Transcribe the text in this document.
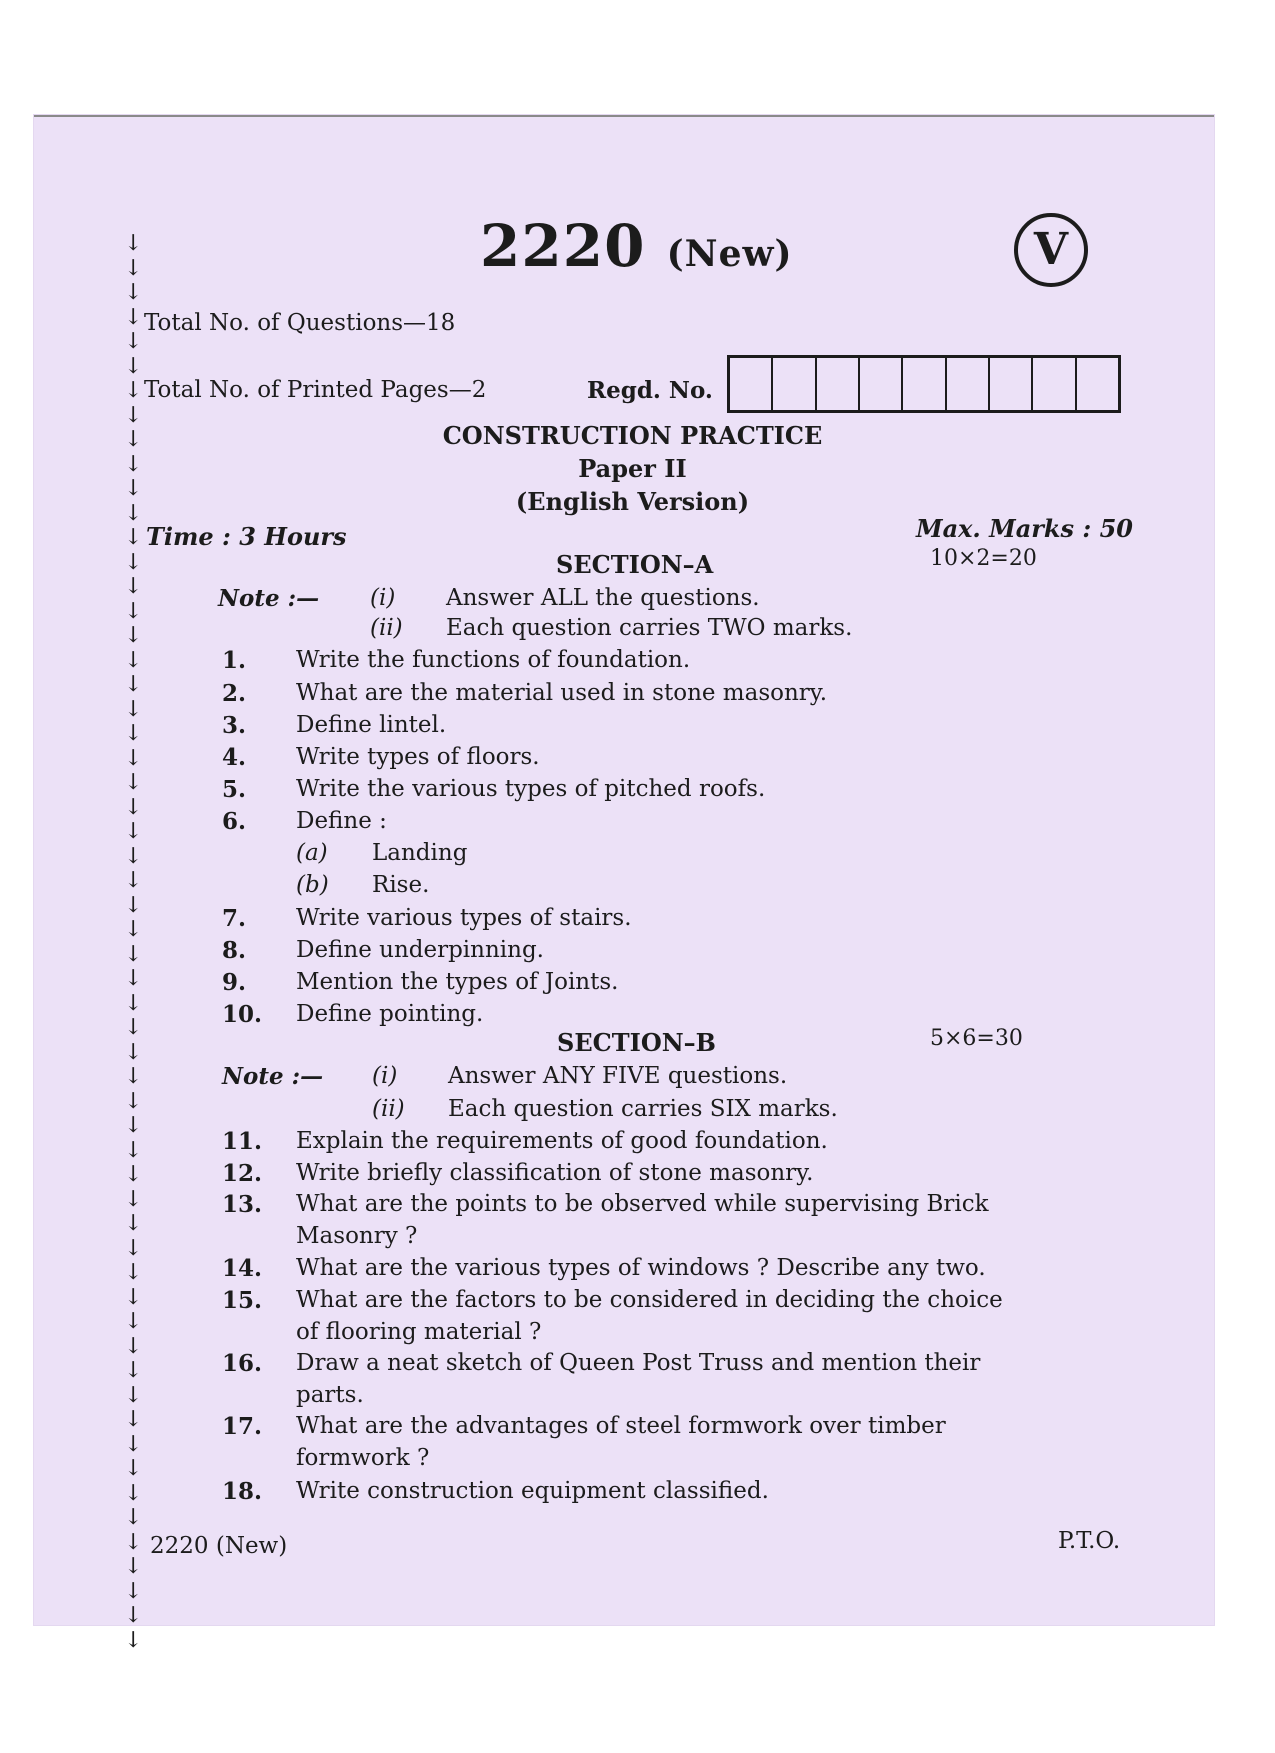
↓
↓
↓
↓
↓
↓
↓
↓
↓
↓
↓
↓
↓
↓
↓
↓
↓
↓
↓
↓
↓
↓
↓
↓
↓
↓
↓
↓
↓
↓
↓
↓
↓
↓
↓
↓
↓
↓
↓
↓
↓
↓
↓
↓
↓
↓
↓
↓
↓
↓
↓
↓
↓
↓
↓
↓
↓
↓
2220 (New)	V
Total No. of Questions—18
Total No. of Printed Pages—2	Regd. No.
CONSTRUCTION PRACTICE
Paper II
(English Version)
Time : 3 Hours	Max. Marks : 50
SECTION–A	10×2=20
Note :— (i) Answer ALL the questions.
(ii) Each question carries TWO marks.
1. Write the functions of foundation.
2. What are the material used in stone masonry.
3. Define lintel.
4. Write types of floors.
5. Write the various types of pitched roofs.
6. Define :
7. Write various types of stairs.
8. Define underpinning.
9. Mention the types of Joints.
10. Define pointing.
(a) Landing
(b) Rise.
SECTION–B	5×6=30
Note :— (i) Answer ANY FIVE questions.
(ii) Each question carries SIX marks.
11. Explain the requirements of good foundation.
12. Write briefly classification of stone masonry.
13. What are the points to be observed while supervising Brick
Masonry ?
14. What are the various types of windows ? Describe any two.
15. What are the factors to be considered in deciding the choice
of flooring material ?
16. Draw a neat sketch of Queen Post Truss and mention their
parts.
17. What are the advantages of steel formwork over timber
formwork ?
18. Write construction equipment classified.
2220 (New)	P.T.O.
